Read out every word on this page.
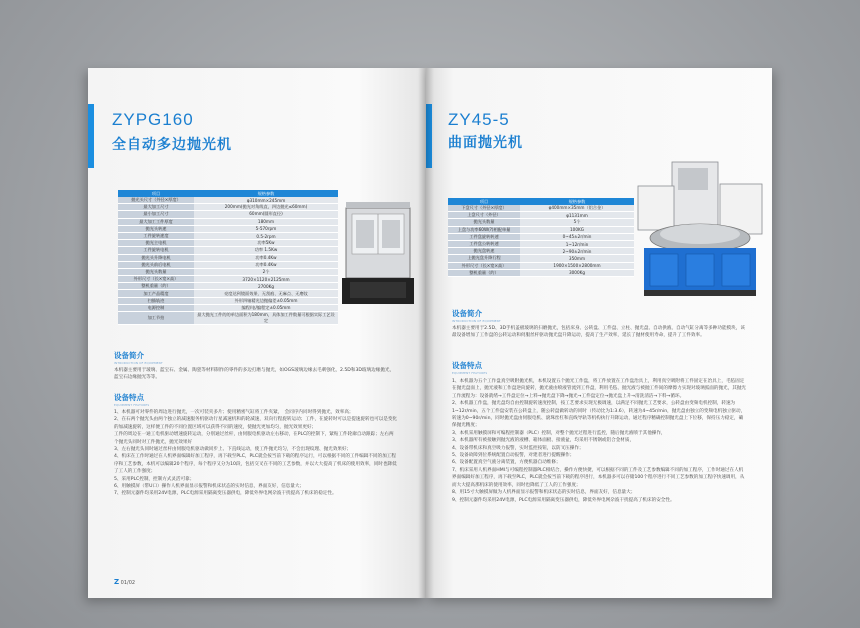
ZYPG160
全自动多边抛光机
项目	规格参数
抛光头尺寸（外径×厚度）	φ310mm×245mm
最大加工尺寸	200mm(抛光对角线直，四边抛光≤60mm)
最小加工尺寸	60mm(圆形直径)
最大加工工件厚度	180mm
抛光头转速	5-570rpm
工件旋转速度	0.5-2rpm
抛光主电机	功率5Kw
工件旋转电机	功率 1.5Kw
抛光头升降电机	功率0.4Kw
抛光头前后电机	功率0.4Kw
抛光头数量	2个
外形尺寸（长×宽×高）	3720×1120×2125mm
整机重量（约）	2700Kg
加工产品精度	亮度达到镜面效果、无刮痕、无麻点、无磨纹
扫描轨迹	外形四轴精光边抛偏差±0.05mm
电源控制	编程/电/编程定±0.05mm
加工节拍	最大抛光工件的的单边面积为180mm，具体加工件数量可根据实际工艺设定
设备简介
INTRODUCTION OF EQUIPMENT

本机器主要用于玻璃、蓝宝石、金属、陶瓷等材料制作的零件的多边打磨与抛光，如OGS玻璃边缘去毛刺强化，2.5D和3D玻璃边缘抛光，蓝宝石边缘抛光等等。

设备特点
EQUIPMENT FEATURES
1、本机器可对零件的周边进行抛光，一次可装夹多片；使用精密气缸将工件夹紧，　会同序内同时得到抛光，效率高；
2、在石两个抛光头由两个独立的减速服务机驱动行星减速机和的轮减速，双向行程旋转运动；工件，在旋转时可以是提速旋转也可以是变化的加减速旋转，这样便工件的不同位置区域可以获得不同的速度，使抛光更加均匀，抛光效果更好；
工件的周边在一通工电机驱动增速旋转运动，分别通过丝杆，由伺服电机驱动左右移动，在PLC的控制下，紧贴工件轮廓自动跟踪；左右两个抛光头同时对工件抛光，抛光效果好
3、左右抛光头同时通过丝杆由伺服电机驱动做同步上、下直线运动，使工件抛光均匀，不会出现纹理、抛光效果好；
4、机床在工作时通过在人机界面编辑好加工程序，再下载至PLC，PLC就会按当前下载的程序运行，可以根据不同的工件编辑不同的加工程序和工艺参数，本机可以编辑20个程序，每个程序又分为10段，包括交叉在不同的工艺参数，并以大大提高了机床的使用效率，同时也降低了工人的工作强度；
5、采用PLC控制，控制方式灵活可靠；
6、用触摸屏（带U口）操作人机界面显示报警和机床状态的实时信息，界面友好，信息量大；
7、控制元器件均采用24V电源，PLC电源采用隔离变压器供电，降低外界电网杂波干扰提高了机床的稳定性。
Z 01/02
ZY45-5
曲面抛光机
项目	规格参数
下盘尺寸（外径×厚度）	φ400mm×35mm（铝合金）
上盘尺寸（外径）	φ1131mm
抛光头数量	5个
上盘与功率60W(?)相配单量	100KG
工件盘旋转转速	0~45±2r/min
工件盘公转转速	1~12r/min
抛光盘转速	2~90±2r/min
上抛光盘升降行程	350mm
外形尺寸（长×宽×高）	1900×1500×2800mm
整机重量（约）	3000Kg
设备简介
INTRODUCTION OF EQUIPMENT

本机器主要用于2.5D、3D手机盖板玻璃的扫磨抛光，包括床身、公转盘、工件盘、立柱、抛光盘、自动供液、自动气缸分离等多种功能模块，该最设备增加了工作盘的公转运动和伺服丝杆驱动抛光盘升降运动，提高了生产效率，延长了抛材使用寿命，提升了工件效率。

设备特点
EQUIPMENT FEATURES
1、本机器为五个工作盘真空吸附抛光机，本机设置五个抛光工作盘，将工件放置在工作盘治具上，利用真空吸附将工件固定在治具上，毛毡固定在抛光盘面上，抛光液和工作盘逆向旋转，抛光液由喷液管流到工件盘，利用毛毡、抛光液与被抛工件间的摩擦力实现对玻璃弧面的抛光，其抛光工作流程为：设备就绪→工件盘定位→上料→抛光盘下降→抛光→工件盘定位→抛光盘上升→清洗清洁→下料→循环。
2、本机器工作盘，抛光盘均自由控制旋转速度控制，按工艺要求实现无极调速，以满足不同抛光工艺要求，公转盘由变频电机控制，转速为1~12r/min，五个工件盘安装在公转盘上，随公转盘做转动的同时（传动比为1:3.6），转速为4~45r/min，抛光盘由独立的变频电机独立驱动，转速为0~90r/min，同时抛光盘由伺服电机、滚珠丝杠和直线导轨等机构执行升降运动，通过程序精确控制抛光盘上下位移，保持压力稳定，确保抛光精度；
3、本机采用触摸屏和可编程控制器（PLC）控制，对整个抛光过程进行监控，随后抛光液喷于其他操作，
3、本机器所有被接触到抛光液的液槽、箱体面板、接液盆，均采用不锈钢或铝合金材质，
4、设备带机床和真空吸力报警，实时监控按钮，以防叉压操作；
5、设备故障到位系统配置自动报警，对建者进行提醒操作；
6、设备配置真空气液分离装置，方便机器自动维修；
7、机床采用人机界面HMI与可编程控制器PLC相结合，操作方便快捷，可以根据不同的工件及工艺参数编辑不同的加工程序，工作时通过在人机界面编辑好加工程序，再下载至PLC，PLC就会按当前下载的程序进行，本机器多可以存储100个程序进行不同工艺参数的加工程序快速调用，从而大大提高那机床的使用效率，同时也降低了工人的工作强度；
8、用15寸大触摸屏做为人机界面显示报警和机床状态的实时信息，界面友好，信息量大；
9、控制元器件均采用24V电源，PLC电源采用隔离变压器供电，降低外界电网杂波干扰提高了机床的安全性。
